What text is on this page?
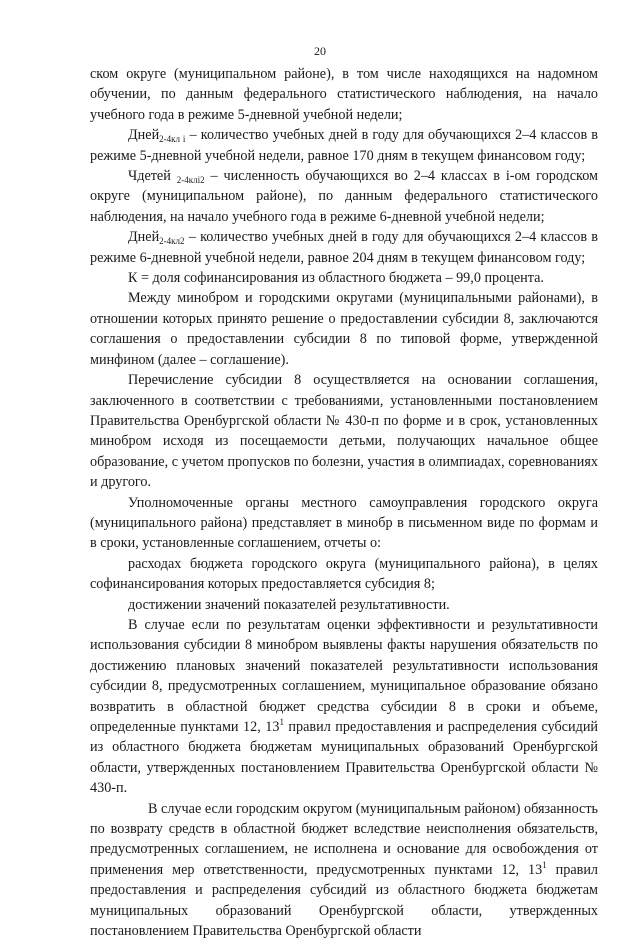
20

ском округе (муниципальном районе), в том числе находящихся на надомном обучении, по данным федерального статистического наблюдения, на начало учебного года в режиме 5-дневной учебной недели;

Дней$_{2-4кл i}$ – количество учебных дней в году для обучающихся 2–4 классов в режиме 5-дневной учебной недели, равное 170 дням в текущем финансовом году;

Чдетей $_{2-4клi2}$ – численность обучающихся во 2–4 классах в i-ом городском округе (муниципальном районе), по данным федерального статистического наблюдения, на начало учебного года в режиме 6-дневной учебной недели;

Дней$_{2-4кл2}$ – количество учебных дней в году для обучающихся 2–4 классов в режиме 6-дневной учебной недели, равное 204 дням в текущем финансовом году;

К = доля софинансирования из областного бюджета – 99,0 процента.

Между минобром и городскими округами (муниципальными районами), в отношении которых принято решение о предоставлении субсидии 8, заключаются соглашения о предоставлении субсидии 8 по типовой форме, утвержденной минфином (далее – соглашение).

Перечисление субсидии 8 осуществляется на основании соглашения, заключенного в соответствии с требованиями, установленными постановлением Правительства Оренбургской области № 430-п по форме и в срок, установленных минобром исходя из посещаемости детьми, получающих начальное общее образование, с учетом пропусков по болезни, участия в олимпиадах, соревнованиях и другого.

Уполномоченные органы местного самоуправления городского округа (муниципального района) представляет в минобр в письменном виде по формам и в сроки, установленные соглашением, отчеты о:

расходах бюджета городского округа (муниципального района), в целях софинансирования которых предоставляется субсидия 8;

достижении значений показателей результативности.

В случае если по результатам оценки эффективности и результативности использования субсидии 8 минобром выявлены факты нарушения обязательств по достижению плановых значений показателей результативности использования субсидии 8, предусмотренных соглашением, муниципальное образование обязано возвратить в областной бюджет средства субсидии 8 в сроки и объеме, определенные пунктами 12, $13^1$ правил предоставления и распределения субсидий из областного бюджета бюджетам муниципальных образований Оренбургской области, утвержденных постановлением Правительства Оренбургской области № 430-п.

В случае если городским округом (муниципальным районом) обязанность по возврату средств в областной бюджет вследствие неисполнения обязательств, предусмотренных соглашением, не исполнена и основание для освобождения от применения мер ответственности, предусмотренных пунктами 12, $13^1$ правил предоставления и распределения субсидий из областного бюджета бюджетам муниципальных образований Оренбургской области, утвержденных постановлением Правительства Оренбургской области
